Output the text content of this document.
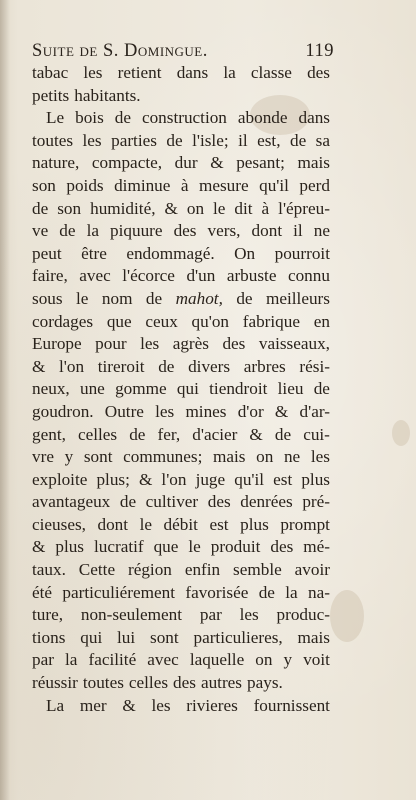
Suite de S. Domingue.	119
tabac les retient dans la classe des
petits habitants.
Le bois de construction abonde dans
toutes les parties de l'isle; il est, de sa
nature, compacte, dur & pesant; mais
son poids diminue à mesure qu'il perd
de son humidité, & on le dit à l'épreu-
ve de la piquure des vers, dont il ne
peut être endommagé. On pourroit
faire, avec l'écorce d'un arbuste connu
sous le nom de mahot, de meilleurs
cordages que ceux qu'on fabrique en
Europe pour les agrès des vaisseaux,
& l'on tireroit de divers arbres rési-
neux, une gomme qui tiendroit lieu de
goudron. Outre les mines d'or & d'ar-
gent, celles de fer, d'acier & de cui-
vre y sont communes; mais on ne les
exploite plus; & l'on juge qu'il est plus
avantageux de cultiver des denrées pré-
cieuses, dont le débit est plus prompt
& plus lucratif que le produit des mé-
taux. Cette région enfin semble avoir
été particuliérement favorisée de la na-
ture, non-seulement par les produc-
tions qui lui sont particulieres, mais
par la facilité avec laquelle on y voit
réussir toutes celles des autres pays.
La mer & les rivieres fournissent
